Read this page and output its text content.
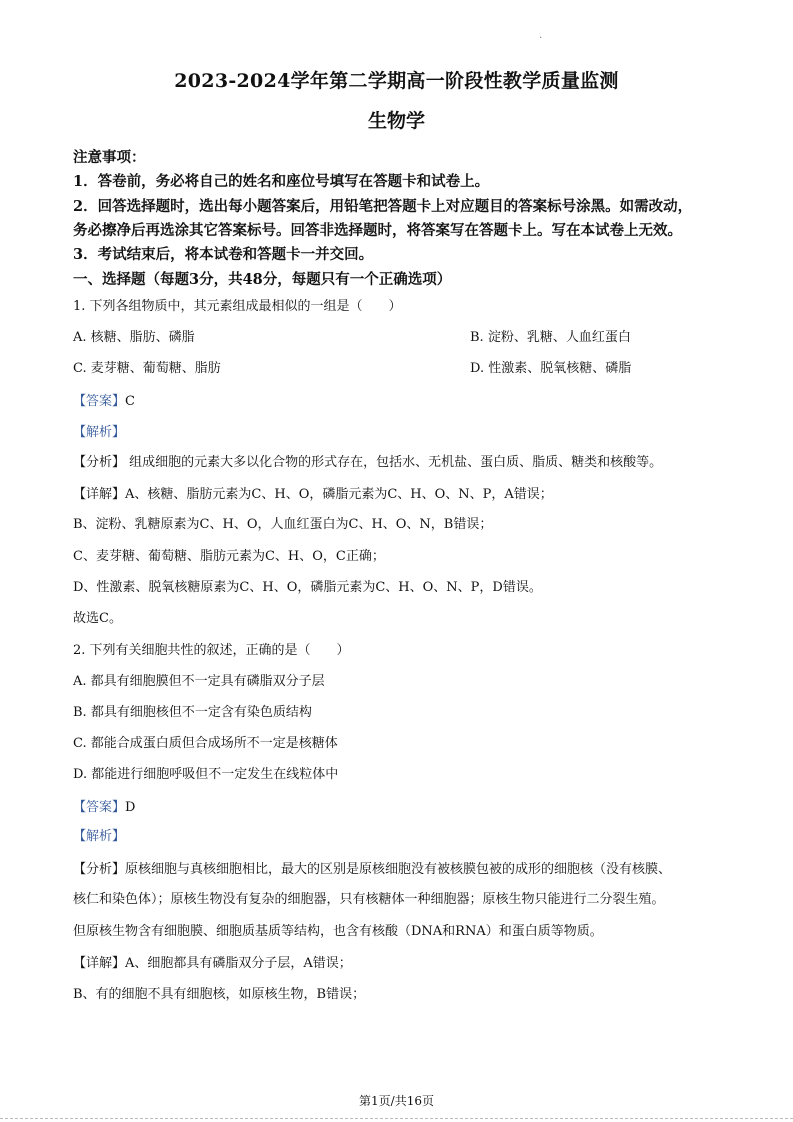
.
2023-2024学年第二学期高一阶段性教学质量监测
生物学
注意事项：
1．答卷前，务必将自己的姓名和座位号填写在答题卡和试卷上。
2．回答选择题时，选出每小题答案后，用铅笔把答题卡上对应题目的答案标号涂黑。如需改动，
务必擦净后再选涂其它答案标号。回答非选择题时，将答案写在答题卡上。写在本试卷上无效。
3．考试结束后，将本试卷和答题卡一并交回。
一、选择题（每题3分，共48分，每题只有一个正确选项）
1. 下列各组物质中，其元素组成最相似的一组是（　　）
A. 核糖、脂肪、磷脂	B. 淀粉、乳糖、人血红蛋白
C. 麦芽糖、葡萄糖、脂肪	D. 性激素、脱氧核糖、磷脂
【答案】C
【解析】
【分析】 组成细胞的元素大多以化合物的形式存在，包括水、无机盐、蛋白质、脂质、糖类和核酸等。
【详解】A、核糖、脂肪元素为C、H、O，磷脂元素为C、H、O、N、P，A错误；
B、淀粉、乳糖原素为C、H、O，人血红蛋白为C、H、O、N，B错误；
C、麦芽糖、葡萄糖、脂肪元素为C、H、O，C正确；
D、性激素、脱氧核糖原素为C、H、O，磷脂元素为C、H、O、N、P，D错误。
故选C。
2. 下列有关细胞共性的叙述，正确的是（　　）
A. 都具有细胞膜但不一定具有磷脂双分子层
B. 都具有细胞核但不一定含有染色质结构
C. 都能合成蛋白质但合成场所不一定是核糖体
D. 都能进行细胞呼吸但不一定发生在线粒体中
【答案】D
【解析】
【分析】原核细胞与真核细胞相比，最大的区别是原核细胞没有被核膜包被的成形的细胞核（没有核膜、
核仁和染色体）；原核生物没有复杂的细胞器，只有核糖体一种细胞器；原核生物只能进行二分裂生殖。
但原核生物含有细胞膜、细胞质基质等结构，也含有核酸（DNA和RNA）和蛋白质等物质。
【详解】A、细胞都具有磷脂双分子层，A错误；
B、有的细胞不具有细胞核，如原核生物，B错误；
第1页/共16页
